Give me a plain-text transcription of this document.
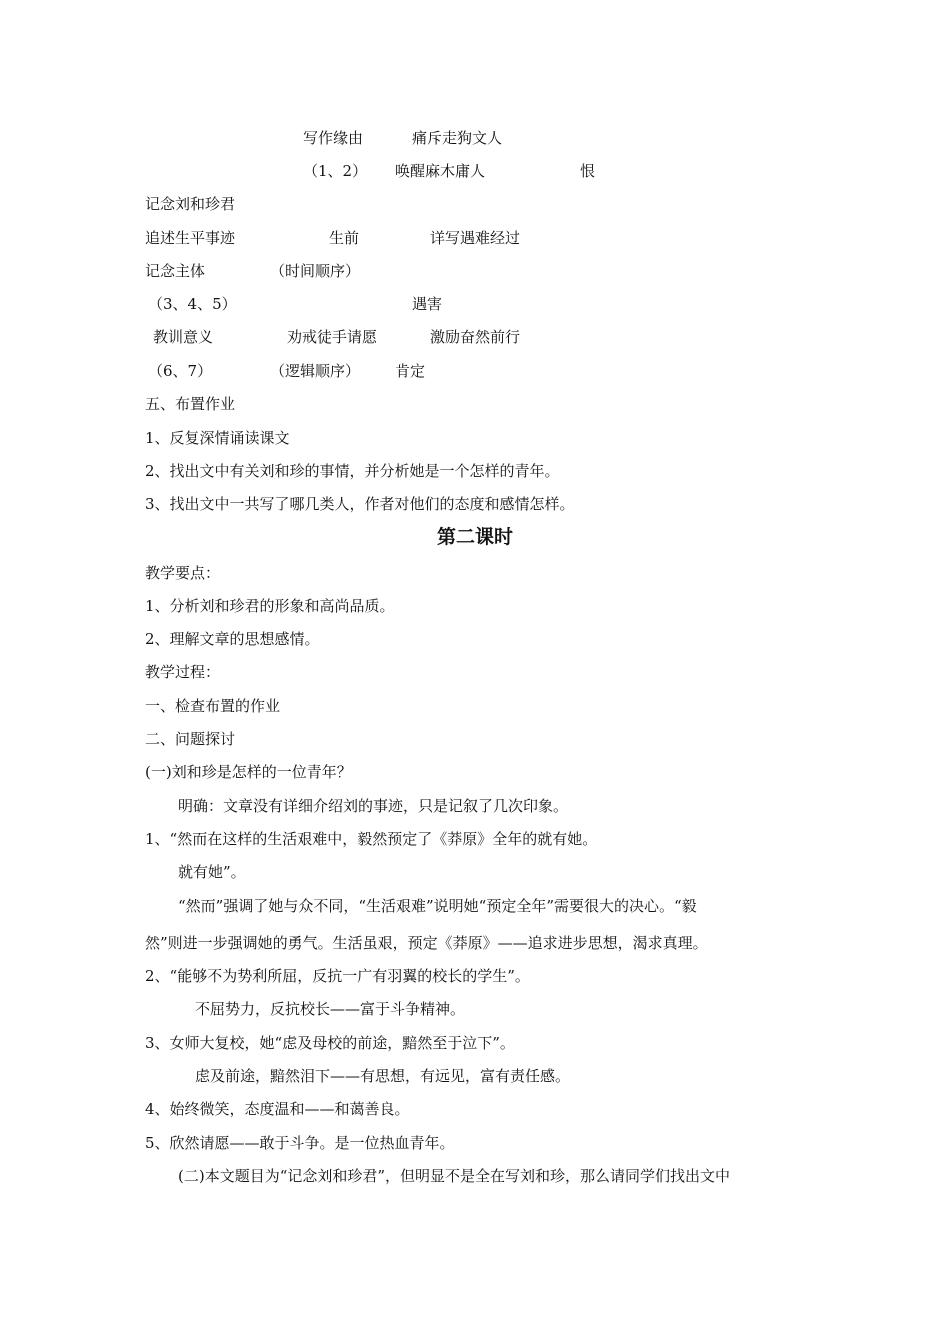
写作缘由	痛斥走狗文人
（1、2） 唤醒麻木庸人	恨
记念刘和珍君
追述生平事迹	生前	详写遇难经过
记念主体	（时间顺序）
（3、4、5）	遇害
教训意义	劝戒徒手请愿	激励奋然前行
（6、7）	（逻辑顺序） 肯定
五、布置作业
1、反复深情诵读课文
2、找出文中有关刘和珍的事情，并分析她是一个怎样的青年。
3、找出文中一共写了哪几类人，作者对他们的态度和感情怎样。
第二课时
教学要点：
1、分析刘和珍君的形象和高尚品质。
2、理解文章的思想感情。
教学过程：
一、检查布置的作业
二、问题探讨
(一)刘和珍是怎样的一位青年？
明确：文章没有详细介绍刘的事迹，只是记叙了几次印象。
1、“然而在这样的生活艰难中，毅然预定了《莽原》全年的就有她。
就有她”。
“然而”强调了她与众不同，“生活艰难”说明她“预定全年”需要很大的决心。“毅
然”则进一步强调她的勇气。生活虽艰，预定《莽原》——追求进步思想，渴求真理。
2、“能够不为势利所屈，反抗一广有羽翼的校长的学生”。
不屈势力，反抗校长——富于斗争精神。
3、女师大复校，她“虑及母校的前途，黯然至于泣下”。
虑及前途，黯然泪下——有思想，有远见，富有责任感。
4、始终微笑，态度温和——和蔼善良。
5、欣然请愿——敢于斗争。是一位热血青年。
(二)本文题目为“记念刘和珍君”，但明显不是全在写刘和珍，那么请同学们找出文中
